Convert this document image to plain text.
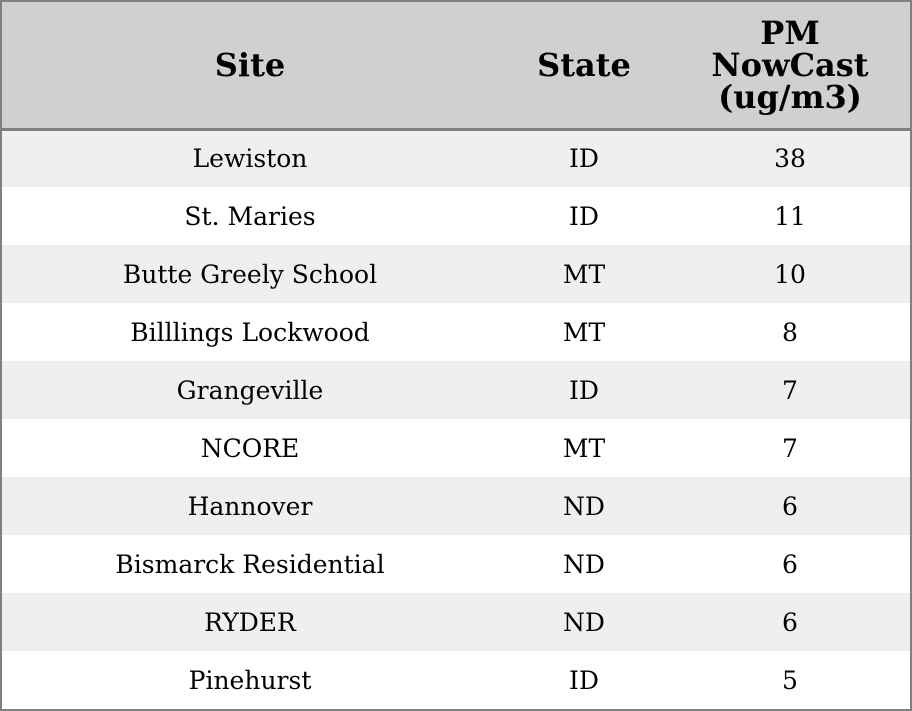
Site	State	PM
NowCast
(ug/m3)
Lewiston	ID	38
St. Maries	ID	11
Butte Greely School	MT	10
Billlings Lockwood	MT	8
Grangeville	ID	7
NCORE	MT	7
Hannover	ND	6
Bismarck Residential	ND	6
RYDER	ND	6
Pinehurst	ID	5
